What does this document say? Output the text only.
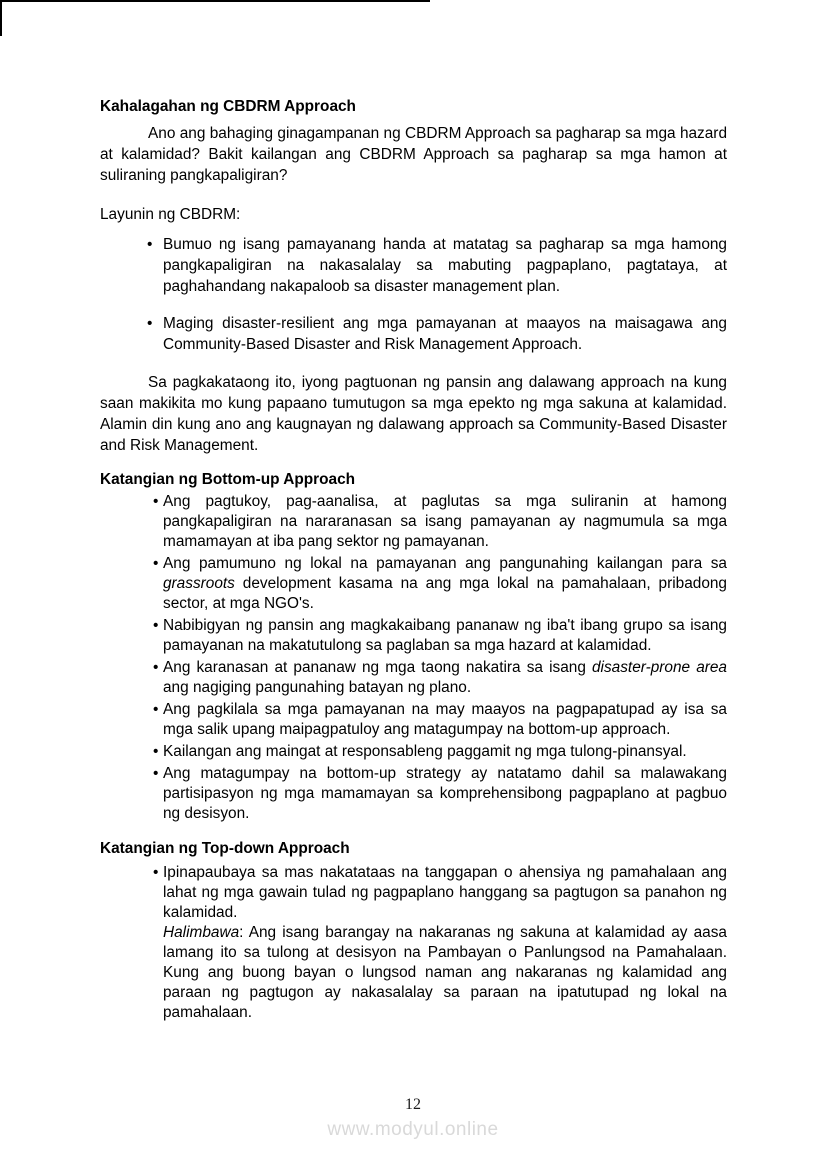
Kahalagahan ng CBDRM Approach

Ano ang bahaging ginagampanan ng CBDRM Approach sa pagharap sa mga hazard at kalamidad? Bakit kailangan ang CBDRM Approach sa pagharap sa mga hamon at suliraning pangkapaligiran?

Layunin ng CBDRM:
• Bumuo ng isang pamayanang handa at matatag sa pagharap sa mga hamong pangkapaligiran na nakasalalay sa mabuting pagpaplano, pagtataya, at paghahandang nakapaloob sa disaster management plan.
• Maging disaster-resilient ang mga pamayanan at maayos na maisagawa ang Community-Based Disaster and Risk Management Approach.

Sa pagkakataong ito, iyong pagtuonan ng pansin ang dalawang approach na kung saan makikita mo kung papaano tumutugon sa mga epekto ng mga sakuna at kalamidad. Alamin din kung ano ang kaugnayan ng dalawang approach sa Community-Based Disaster and Risk Management.

Katangian ng Bottom-up Approach
• Ang pagtukoy, pag-aanalisa, at paglutas sa mga suliranin at hamong pangkapaligiran na nararanasan sa isang pamayanan ay nagmumula sa mga mamamayan at iba pang sektor ng pamayanan.
• Ang pamumuno ng lokal na pamayanan ang pangunahing kailangan para sa grassroots development kasama na ang mga lokal na pamahalaan, pribadong sector, at mga NGO's.
• Nabibigyan ng pansin ang magkakaibang pananaw ng iba't ibang grupo sa isang pamayanan na makatutulong sa paglaban sa mga hazard at kalamidad.
• Ang karanasan at pananaw ng mga taong nakatira sa isang disaster-prone area ang nagiging pangunahing batayan ng plano.
• Ang pagkilala sa mga pamayanan na may maayos na pagpapatupad ay isa sa mga salik upang maipagpatuloy ang matagumpay na bottom-up approach.
• Kailangan ang maingat at responsableng paggamit ng mga tulong-pinansyal.
• Ang matagumpay na bottom-up strategy ay natatamo dahil sa malawakang partisipasyon ng mga mamamayan sa komprehensibong pagpaplano at pagbuo ng desisyon.
Katangian ng Top-down Approach
• Ipinapaubaya sa mas nakatataas na tanggapan o ahensiya ng pamahalaan ang lahat ng mga gawain tulad ng pagpaplano hanggang sa pagtugon sa panahon ng kalamidad.
Halimbawa: Ang isang barangay na nakaranas ng sakuna at kalamidad ay aasa lamang ito sa tulong at desisyon na Pambayan o Panlungsod na Pamahalaan. Kung ang buong bayan o lungsod naman ang nakaranas ng kalamidad ang paraan ng pagtugon ay nakasalalay sa paraan na ipatutupad ng lokal na pamahalaan.
12
www.modyul.online
